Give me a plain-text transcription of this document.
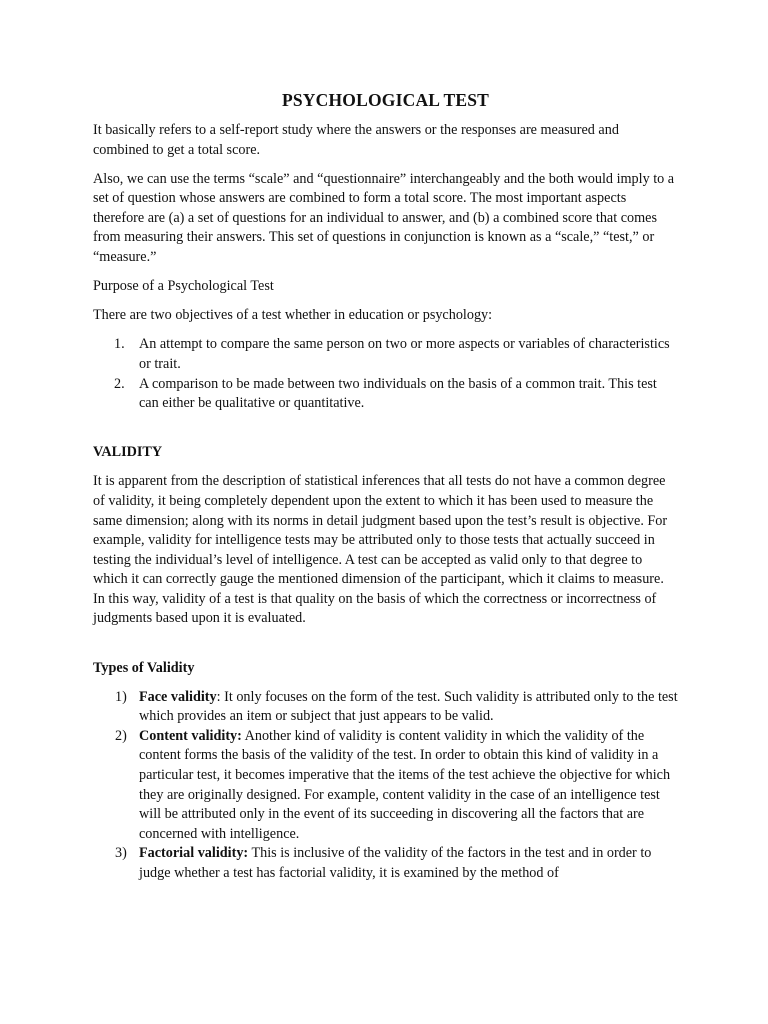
PSYCHOLOGICAL TEST

It basically refers to a self-report study where the answers or the responses are measured and combined to get a total score.

Also, we can use the terms “scale” and “questionnaire” interchangeably and the both would imply to a set of question whose answers are combined to form a total score. The most important aspects therefore are (a) a set of questions for an individual to answer, and (b) a combined score that comes from measuring their answers. This set of questions in conjunction is known as a “scale,” “test,” or “measure.”

Purpose of a Psychological Test

There are two objectives of a test whether in education or psychology:

1. An attempt to compare the same person on two or more aspects or variables of characteristics or trait.
2. A comparison to be made between two individuals on the basis of a common trait. This test can either be qualitative or quantitative.

VALIDITY

It is apparent from the description of statistical inferences that all tests do not have a common degree of validity, it being completely dependent upon the extent to which it has been used to measure the same dimension; along with its norms in detail judgment based upon the test’s result is objective. For example, validity for intelligence tests may be attributed only to those tests that actually succeed in testing the individual’s level of intelligence. A test can be accepted as valid only to that degree to which it can correctly gauge the mentioned dimension of the participant, which it claims to measure. In this way, validity of a test is that quality on the basis of which the correctness or incorrectness of judgments based upon it is evaluated.

Types of Validity

1) Face validity: It only focuses on the form of the test. Such validity is attributed only to the test which provides an item or subject that just appears to be valid.
2) Content validity: Another kind of validity is content validity in which the validity of the content forms the basis of the validity of the test. In order to obtain this kind of validity in a particular test, it becomes imperative that the items of the test achieve the objective for which they are originally designed. For example, content validity in the case of an intelligence test will be attributed only in the event of its succeeding in discovering all the factors that are concerned with intelligence.
3) Factorial validity: This is inclusive of the validity of the factors in the test and in order to judge whether a test has factorial validity, it is examined by the method of
